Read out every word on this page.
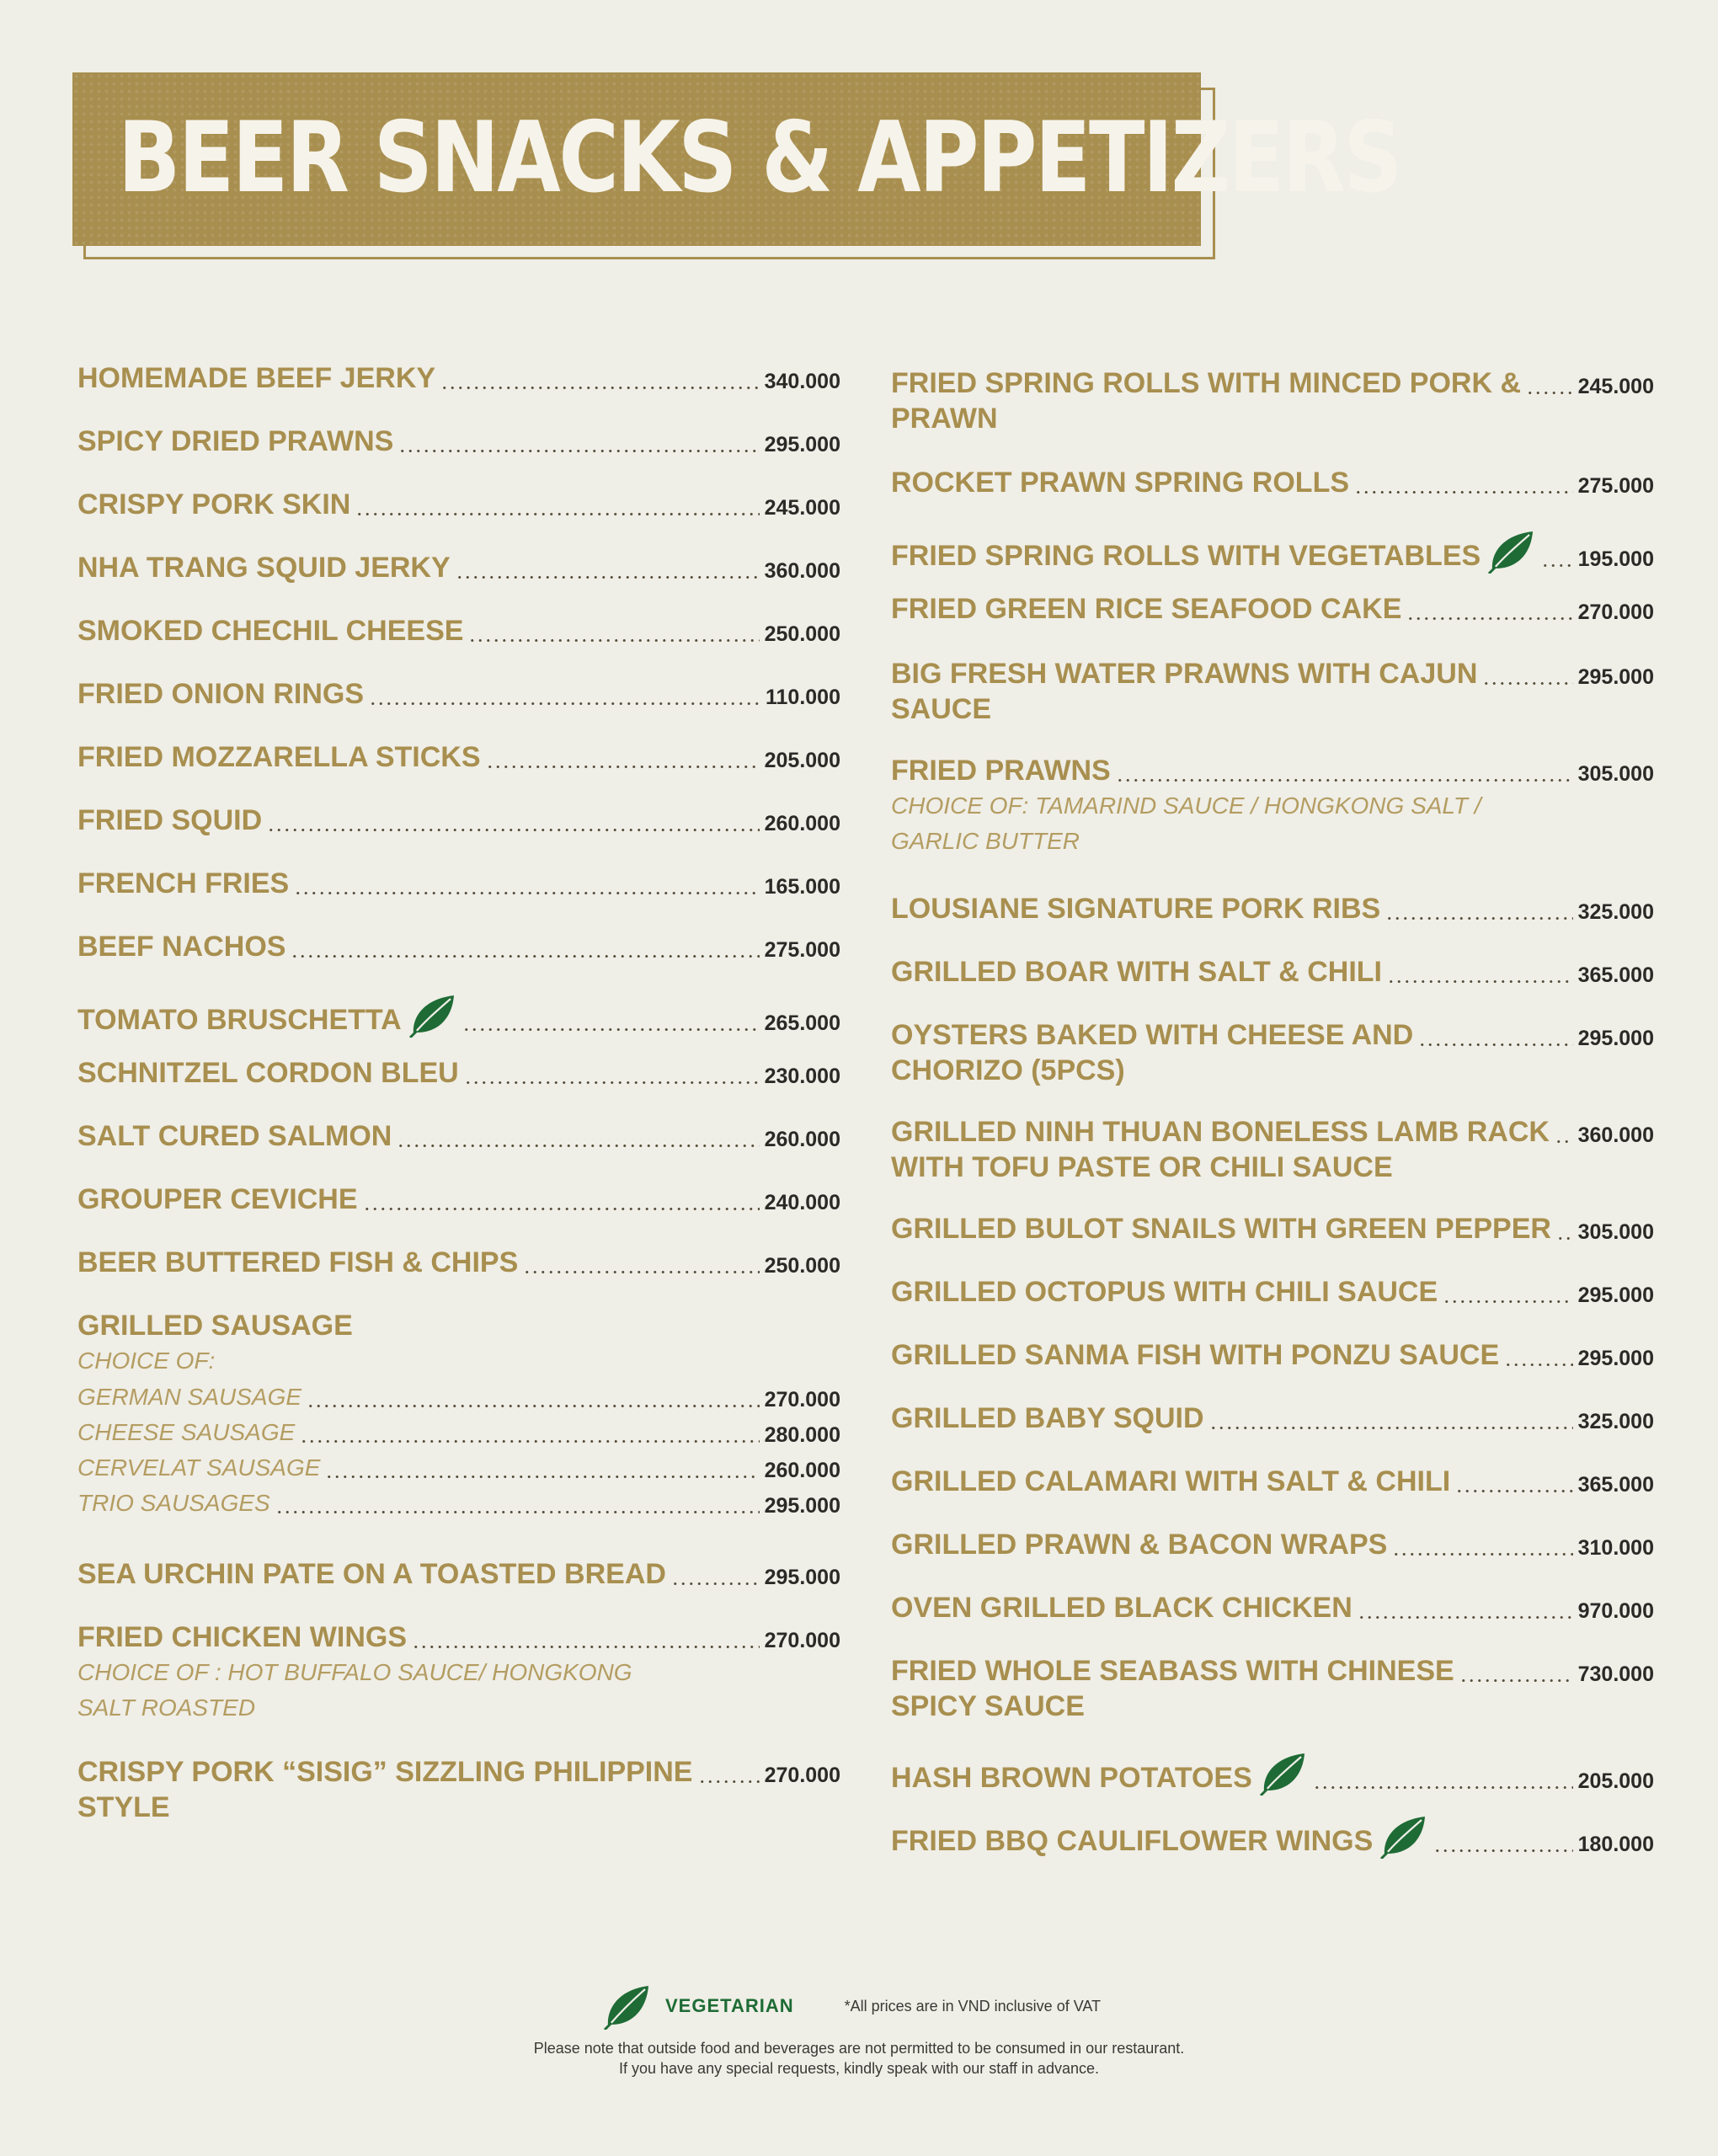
BEER SNACKS & APPETIZERS
HOMEMADE BEEF JERKY	340.000
SPICY DRIED PRAWNS	295.000
CRISPY PORK SKIN	245.000
NHA TRANG SQUID JERKY	360.000
SMOKED CHECHIL CHEESE	250.000
FRIED ONION RINGS	110.000
FRIED MOZZARELLA STICKS	205.000
FRIED SQUID	260.000
FRENCH FRIES	165.000
BEEF NACHOS	275.000
TOMATO BRUSCHETTA	265.000
SCHNITZEL CORDON BLEU	230.000
SALT CURED SALMON	260.000
GROUPER CEVICHE	240.000
BEER BUTTERED FISH & CHIPS	250.000
GRILLED SAUSAGE
CHOICE OF:
GERMAN SAUSAGE	270.000
CHEESE SAUSAGE	280.000
CERVELAT SAUSAGE	260.000
TRIO SAUSAGES	295.000
SEA URCHIN PATE ON A TOASTED BREAD	295.000
FRIED CHICKEN WINGS	270.000
CHOICE OF : HOT BUFFALO SAUCE/ HONGKONG
SALT ROASTED
CRISPY PORK “SISIG” SIZZLING PHILIPPINE	270.000
STYLE
FRIED SPRING ROLLS WITH MINCED PORK &	245.000
PRAWN
ROCKET PRAWN SPRING ROLLS	275.000
FRIED SPRING ROLLS WITH VEGETABLES	195.000
FRIED GREEN RICE SEAFOOD CAKE	270.000
BIG FRESH WATER PRAWNS WITH CAJUN	295.000
SAUCE
FRIED PRAWNS	305.000
CHOICE OF: TAMARIND SAUCE / HONGKONG SALT /
GARLIC BUTTER
LOUSIANE SIGNATURE PORK RIBS	325.000
GRILLED BOAR WITH SALT & CHILI	365.000
OYSTERS BAKED WITH CHEESE AND	295.000
CHORIZO (5PCS)
GRILLED NINH THUAN BONELESS LAMB RACK 360.000
WITH TOFU PASTE OR CHILI SAUCE
GRILLED BULOT SNAILS WITH GREEN PEPPER 305.000
GRILLED OCTOPUS WITH CHILI SAUCE	295.000
GRILLED SANMA FISH WITH PONZU SAUCE	295.000
GRILLED BABY SQUID	325.000
GRILLED CALAMARI WITH SALT & CHILI	365.000
GRILLED PRAWN & BACON WRAPS	310.000
OVEN GRILLED BLACK CHICKEN	970.000
FRIED WHOLE SEABASS WITH CHINESE	730.000
SPICY SAUCE
HASH BROWN POTATOES	205.000
FRIED BBQ CAULIFLOWER WINGS	180.000
VEGETARIAN	*All prices are in VND inclusive of VAT
Please note that outside food and beverages are not permitted to be consumed in our restaurant.
If you have any special requests, kindly speak with our staff in advance.
